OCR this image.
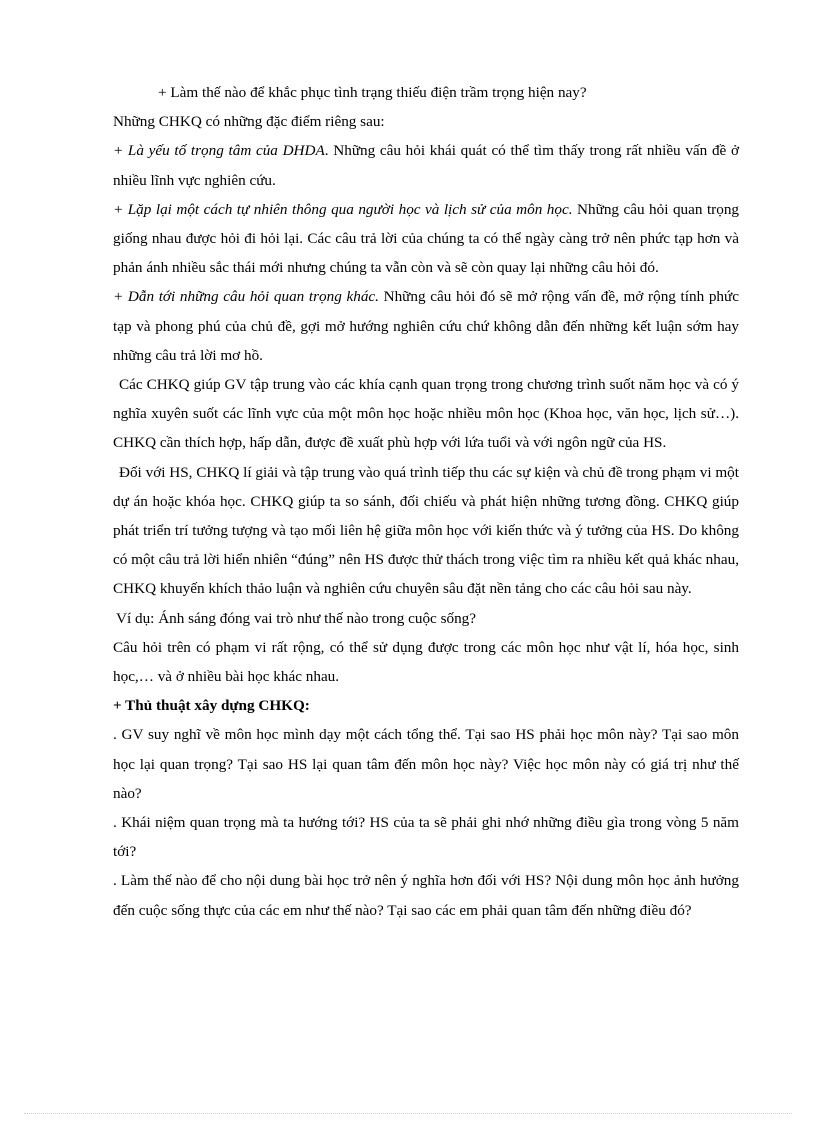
+ Làm thế nào để khắc phục tình trạng thiếu điện trầm trọng hiện nay?

Những CHKQ có những đặc điểm riêng sau:

+ Là yếu tố trọng tâm của DHDA. Những câu hỏi khái quát có thể tìm thấy trong rất nhiều vấn đề ở nhiều lĩnh vực nghiên cứu.

+ Lặp lại một cách tự nhiên thông qua người học và lịch sử của môn học. Những câu hỏi quan trọng giống nhau được hỏi đi hỏi lại. Các câu trả lời của chúng ta có thể ngày càng trở nên phức tạp hơn và phản ánh nhiều sắc thái mới nhưng chúng ta vẫn còn và sẽ còn quay lại những câu hỏi đó.

+ Dẫn tới những câu hỏi quan trọng khác. Những câu hỏi đó sẽ mở rộng vấn đề, mở rộng tính phức tạp và phong phú của chủ đề, gợi mở hướng nghiên cứu chứ không dẫn đến những kết luận sớm hay những câu trả lời mơ hồ.

Các CHKQ giúp GV tập trung vào các khía cạnh quan trọng trong chương trình suốt năm học và có ý nghĩa xuyên suốt các lĩnh vực của một môn học hoặc nhiều môn học (Khoa học, văn học, lịch sử…). CHKQ cần thích hợp, hấp dẫn, được đề xuất phù hợp với lứa tuổi và với ngôn ngữ của HS.

Đối với HS, CHKQ lí giải và tập trung vào quá trình tiếp thu các sự kiện và chủ đề trong phạm vi một dự án hoặc khóa học. CHKQ giúp ta so sánh, đối chiếu và phát hiện những tương đồng. CHKQ giúp phát triển trí tưởng tượng và tạo mối liên hệ giữa môn học với kiến thức và ý tưởng của HS. Do không có một câu trả lời hiển nhiên “đúng” nên HS được thử thách trong việc tìm ra nhiều kết quả khác nhau, CHKQ khuyến khích thảo luận và nghiên cứu chuyên sâu đặt nền tảng cho các câu hỏi sau này.

Ví dụ: Ánh sáng đóng vai trò như thế nào trong cuộc sống?

Câu hỏi trên có phạm vi rất rộng, có thể sử dụng được trong các môn học như vật lí, hóa học, sinh học,… và ở nhiều bài học khác nhau.

+ Thủ thuật xây dựng CHKQ:

. GV suy nghĩ về môn học mình dạy một cách tổng thể. Tại sao HS phải học môn này? Tại sao môn học lại quan trọng? Tại sao HS lại quan tâm đến môn học này? Việc học môn này có giá trị như thế nào?

. Khái niệm quan trọng mà ta hướng tới? HS của ta sẽ phải ghi nhớ những điều gìa trong vòng 5 năm tới?

. Làm thế nào để cho nội dung bài học trở nên ý nghĩa hơn đối với HS? Nội dung môn học ảnh hưởng đến cuộc sống thực của các em như thế nào? Tại sao các em phải quan tâm đến những điều đó?
